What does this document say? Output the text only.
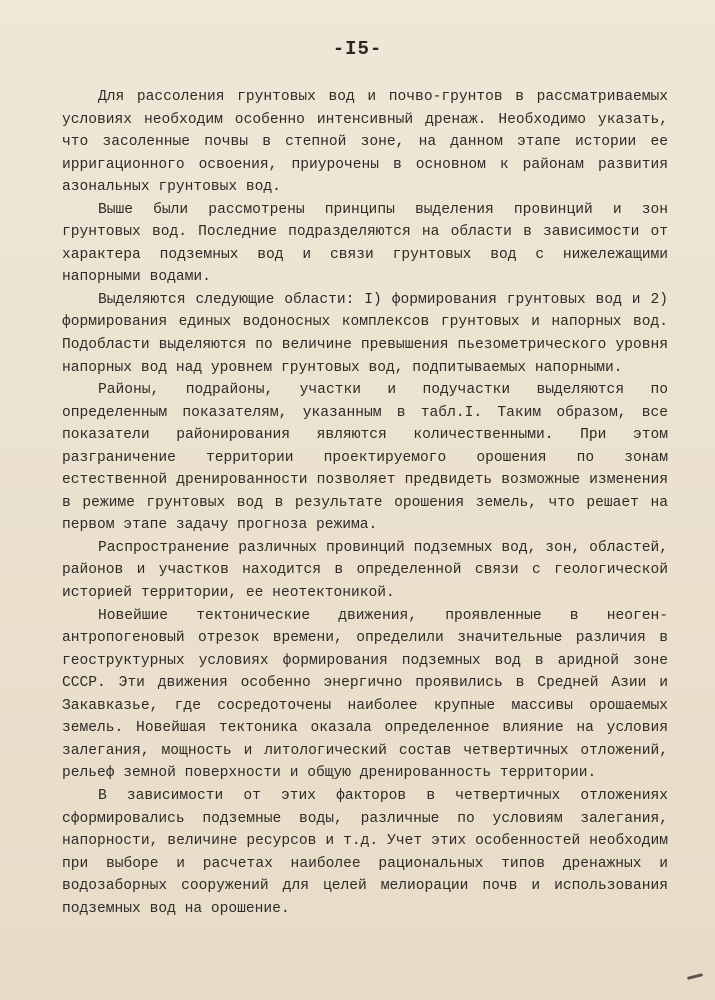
-I5-

Для рассоления грунтовых вод и почво-грунтов в рассматриваемых условиях необходим особенно интенсивный дренаж. Необходимо указать, что засоленные почвы в степной зоне, на данном этапе истории ее ирригационного освоения, приурочены в основном к районам развития азональных грунтовых вод.

Выше были рассмотрены принципы выделения провинций и зон грунтовых вод. Последние подразделяются на области в зависимости от характера подземных вод и связи грунтовых вод с нижележащими напорными водами.

Выделяются следующие области: I) формирования грунтовых вод и 2) формирования единых водоносных комплексов грунтовых и напорных вод. Подобласти выделяются по величине превышения пьезометрического уровня напорных вод над уровнем грунтовых вод, подпитываемых напорными.

Районы, подрайоны, участки и подучастки выделяются по определенным показателям, указанным в табл.I. Таким образом, все показатели районирования являются количественными. При этом разграничение территории проектируемого орошения по зонам естественной дренированности позволяет предвидеть возможные изменения в режиме грунтовых вод в результате орошения земель, что решает на первом этапе задачу прогноза режима.

Распространение различных провинций подземных вод, зон, областей, районов и участков находится в определенной связи с геологической историей территории, ее неотектоникой.

Новейшие тектонические движения, проявленные в неоген-антропогеновый отрезок времени, определили значительные различия в геоструктурных условиях формирования подземных вод в аридной зоне СССР. Эти движения особенно энергично проявились в Средней Азии и Закавказье, где сосредоточены наиболее крупные массивы орошаемых земель. Новейшая тектоника оказала определенное влияние на условия залегания, мощность и литологический состав четвертичных отложений, рельеф земной поверхности и общую дренированность территории.

В зависимости от этих факторов в четвертичных отложениях сформировались подземные воды, различные по условиям залегания, напорности, величине ресурсов и т.д. Учет этих особенностей необходим при выборе и расчетах наиболее рациональных типов дренажных и водозаборных сооружений для целей мелиорации почв и использования подземных вод на орошение.
